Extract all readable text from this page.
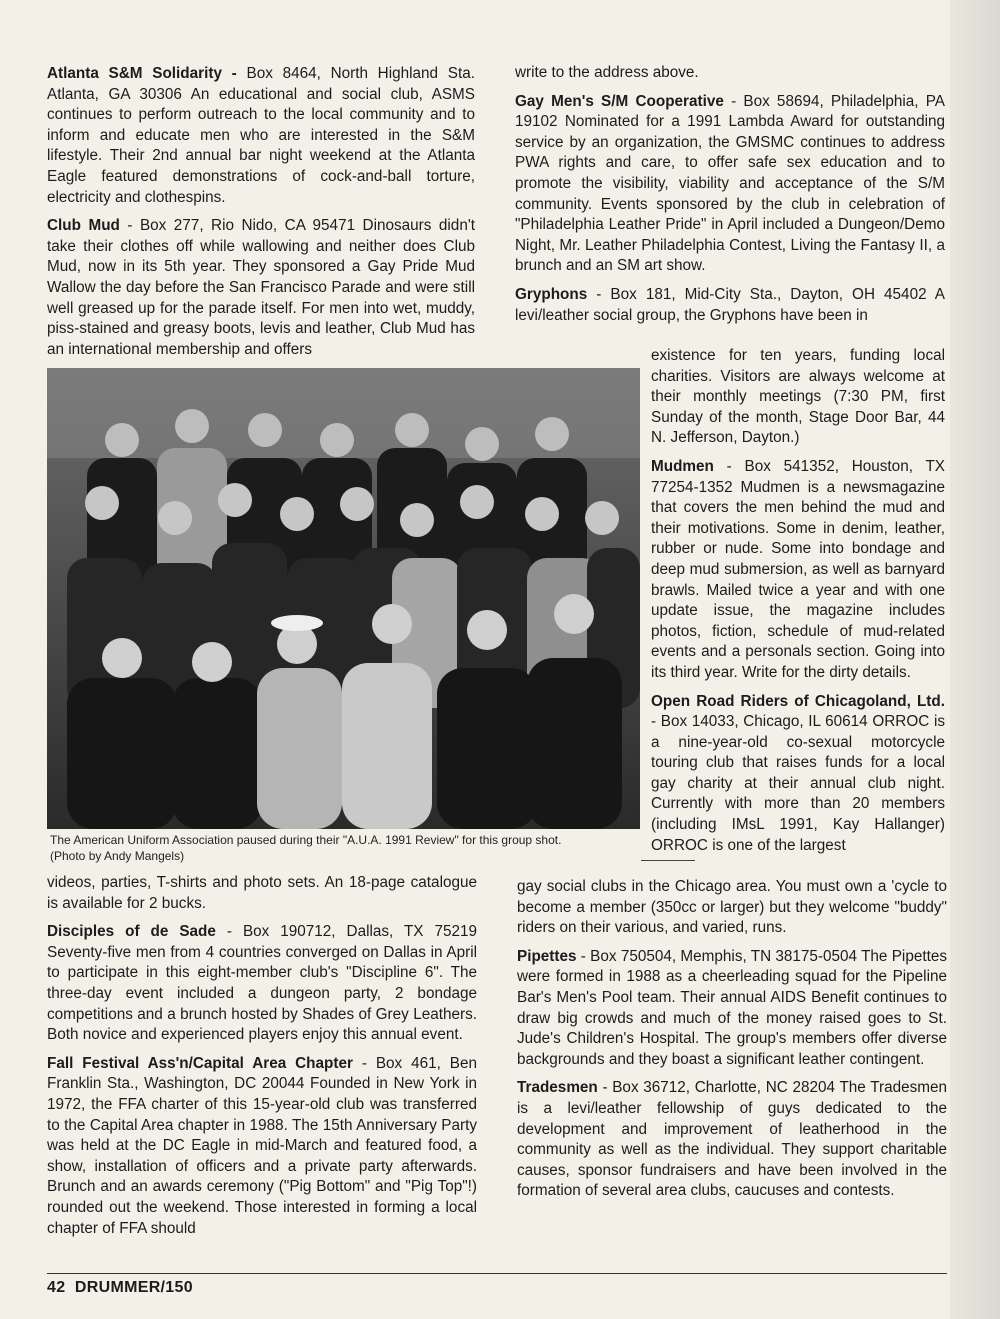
Atlanta S&M Solidarity - Box 8464, North Highland Sta. Atlanta, GA 30306 An educational and social club, ASMS continues to perform outreach to the local community and to inform and educate men who are interested in the S&M lifestyle. Their 2nd annual bar night weekend at the Atlanta Eagle featured demonstrations of cock-and-ball torture, electricity and clothespins.

Club Mud - Box 277, Rio Nido, CA 95471 Dinosaurs didn't take their clothes off while wallowing and neither does Club Mud, now in its 5th year. They sponsored a Gay Pride Mud Wallow the day before the San Francisco Parade and were still well greased up for the parade itself. For men into wet, muddy, piss-stained and greasy boots, levis and leather, Club Mud has an international membership and offers

The American Uniform Association paused during their "A.U.A. 1991 Review" for this group shot.
(Photo by Andy Mangels)

videos, parties, T-shirts and photo sets. An 18-page catalogue is available for 2 bucks.

Disciples of de Sade - Box 190712, Dallas, TX 75219 Seventy-five men from 4 countries converged on Dallas in April to participate in this eight-member club's "Discipline 6". The three-day event included a dungeon party, 2 bondage competitions and a brunch hosted by Shades of Grey Leathers. Both novice and experienced players enjoy this annual event.

Fall Festival Ass'n/Capital Area Chapter - Box 461, Ben Franklin Sta., Washington, DC 20044 Founded in New York in 1972, the FFA charter of this 15-year-old club was transferred to the Capital Area chapter in 1988. The 15th Anniversary Party was held at the DC Eagle in mid-March and featured food, a show, installation of officers and a private party afterwards. Brunch and an awards ceremony ("Pig Bottom" and "Pig Top"!) rounded out the weekend. Those interested in forming a local chapter of FFA should

write to the address above.

Gay Men's S/M Cooperative - Box 58694, Philadelphia, PA 19102 Nominated for a 1991 Lambda Award for outstanding service by an organization, the GMSMC continues to address PWA rights and care, to offer safe sex education and to promote the visibility, viability and acceptance of the S/M community. Events sponsored by the club in celebration of "Philadelphia Leather Pride" in April included a Dungeon/Demo Night, Mr. Leather Philadelphia Contest, Living the Fantasy II, a brunch and an SM art show.

Gryphons - Box 181, Mid-City Sta., Dayton, OH 45402 A levi/leather social group, the Gryphons have been in

existence for ten years, funding local charities. Visitors are always welcome at their monthly meetings (7:30 PM, first Sunday of the month, Stage Door Bar, 44 N. Jefferson, Dayton.)

Mudmen - Box 541352, Houston, TX 77254-1352 Mudmen is a newsmagazine that covers the men behind the mud and their motivations. Some in denim, leather, rubber or nude. Some into bondage and deep mud submersion, as well as barnyard brawls. Mailed twice a year and with one update issue, the magazine includes photos, fiction, schedule of mud-related events and a personals section. Going into its third year. Write for the dirty details.

Open Road Riders of Chicagoland, Ltd. - Box 14033, Chicago, IL 60614 ORROC is a nine-year-old co-sexual motorcycle touring club that raises funds for a local gay charity at their annual club night. Currently with more than 20 members (including IMsL 1991, Kay Hallanger) ORROC is one of the largest

gay social clubs in the Chicago area. You must own a 'cycle to become a member (350cc or larger) but they welcome "buddy" riders on their various, and varied, runs.

Pipettes - Box 750504, Memphis, TN 38175-0504 The Pipettes were formed in 1988 as a cheerleading squad for the Pipeline Bar's Men's Pool team. Their annual AIDS Benefit continues to draw big crowds and much of the money raised goes to St. Jude's Children's Hospital. The group's members offer diverse backgrounds and they boast a significant leather contingent.

Tradesmen - Box 36712, Charlotte, NC 28204 The Tradesmen is a levi/leather fellowship of guys dedicated to the development and improvement of leatherhood in the community as well as the individual. They support charitable causes, sponsor fundraisers and have been involved in the formation of several area clubs, caucuses and contests.

42 DRUMMER/150
